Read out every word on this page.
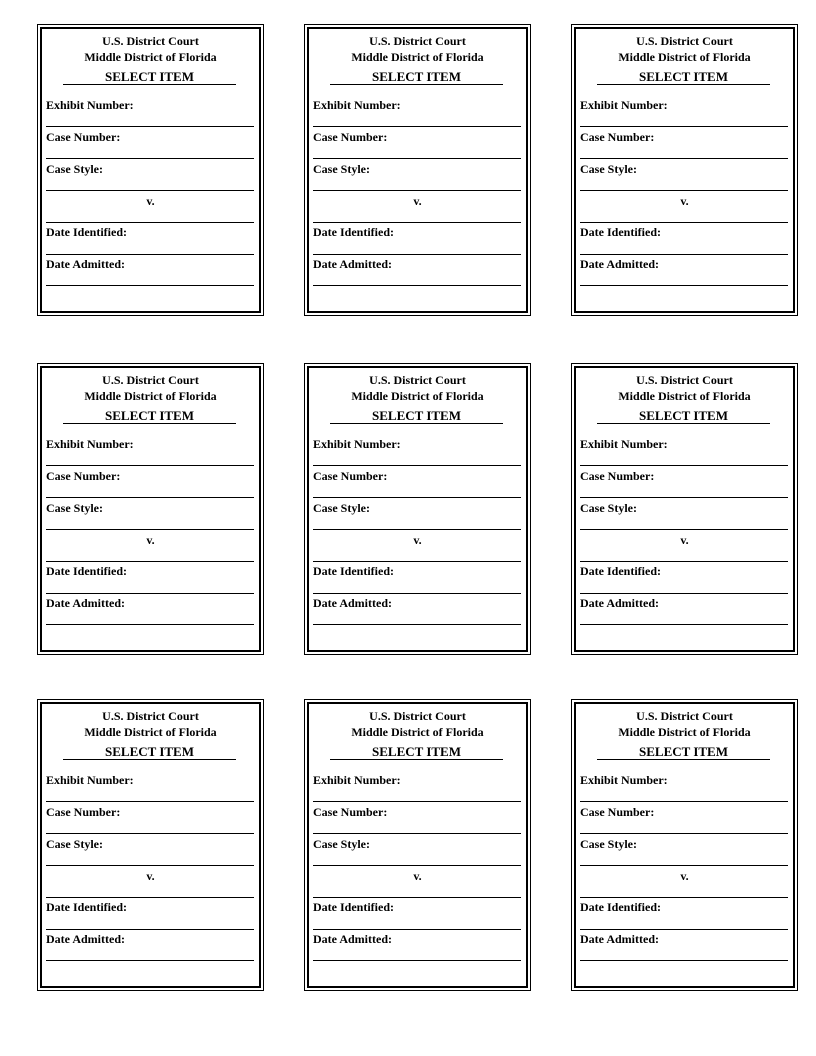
U.S. District Court
Middle District of Florida
SELECT ITEM
Exhibit Number:
Case Number:
Case Style:
v.
Date Identified:
Date Admitted:
U.S. District Court
Middle District of Florida
SELECT ITEM
Exhibit Number:
Case Number:
Case Style:
v.
Date Identified:
Date Admitted:
U.S. District Court
Middle District of Florida
SELECT ITEM
Exhibit Number:
Case Number:
Case Style:
v.
Date Identified:
Date Admitted:
U.S. District Court
Middle District of Florida
SELECT ITEM
Exhibit Number:
Case Number:
Case Style:
v.
Date Identified:
Date Admitted:
U.S. District Court
Middle District of Florida
SELECT ITEM
Exhibit Number:
Case Number:
Case Style:
v.
Date Identified:
Date Admitted:
U.S. District Court
Middle District of Florida
SELECT ITEM
Exhibit Number:
Case Number:
Case Style:
v.
Date Identified:
Date Admitted:
U.S. District Court
Middle District of Florida
SELECT ITEM
Exhibit Number:
Case Number:
Case Style:
v.
Date Identified:
Date Admitted:
U.S. District Court
Middle District of Florida
SELECT ITEM
Exhibit Number:
Case Number:
Case Style:
v.
Date Identified:
Date Admitted:
U.S. District Court
Middle District of Florida
SELECT ITEM
Exhibit Number:
Case Number:
Case Style:
v.
Date Identified:
Date Admitted:
